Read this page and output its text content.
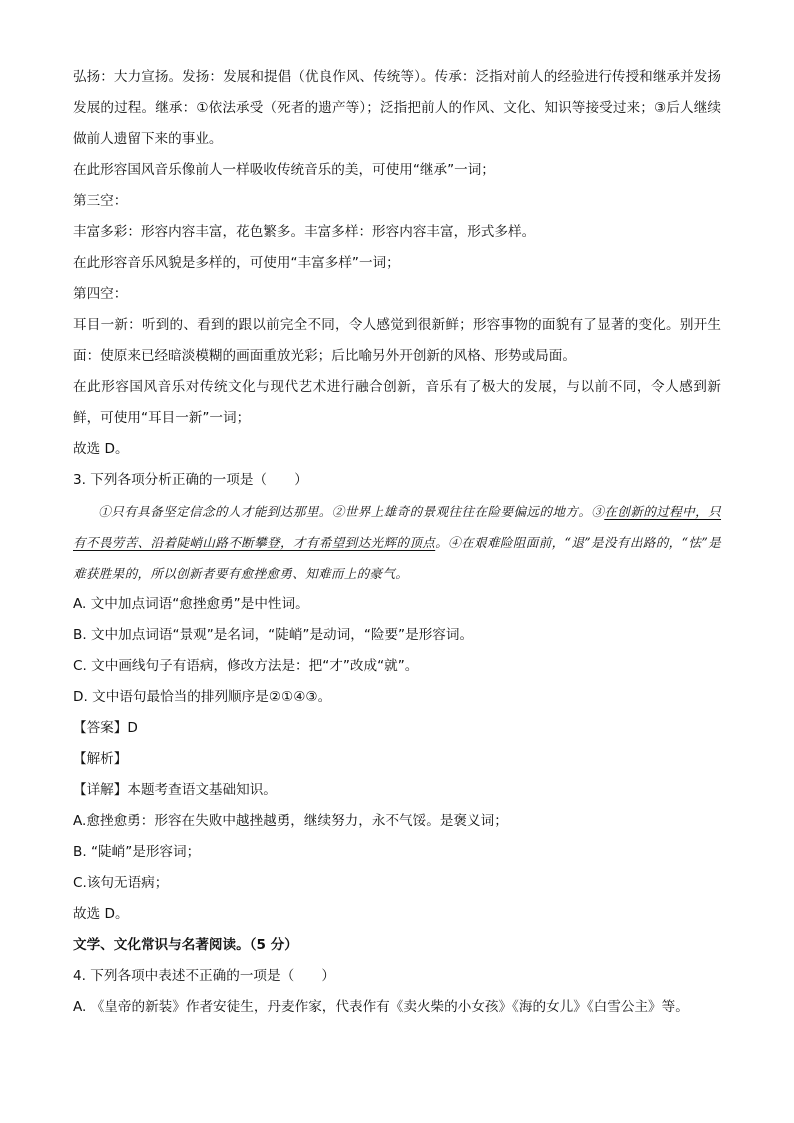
弘扬：大力宣扬。发扬：发展和提倡（优良作风、传统等）。传承：泛指对前人的经验进行传授和继承并发扬发展的过程。继承：①依法承受（死者的遗产等）；泛指把前人的作风、文化、知识等接受过来；③后人继续做前人遗留下来的事业。

在此形容国风音乐像前人一样吸收传统音乐的美，可使用“继承”一词；

第三空：

丰富多彩：形容内容丰富，花色繁多。丰富多样：形容内容丰富，形式多样。

在此形容音乐风貌是多样的，可使用“丰富多样”一词；

第四空：

耳目一新：听到的、看到的跟以前完全不同，令人感觉到很新鲜；形容事物的面貌有了显著的变化。别开生面：使原来已经暗淡模糊的画面重放光彩；后比喻另外开创新的风格、形势或局面。

在此形容国风音乐对传统文化与现代艺术进行融合创新，音乐有了极大的发展，与以前不同，令人感到新鲜，可使用“耳目一新”一词；

故选 D。

3. 下列各项分析正确的一项是（　　）

①只有具备坚定信念的人才能到达那里。②世界上雄奇的景观往往在险要偏远的地方。③在创新的过程中，只有不畏劳苦、沿着陡峭山路不断攀登，才有希望到达光辉的顶点。④在艰难险阻面前，“退”是没有出路的，“怯”是难获胜果的，所以创新者要有愈挫愈勇、知难而上的豪气。

A. 文中加点词语“愈挫愈勇”是中性词。

B. 文中加点词语“景观”是名词，“陡峭”是动词，“险要”是形容词。

C. 文中画线句子有语病，修改方法是：把“才”改成“就”。

D. 文中语句最恰当的排列顺序是②①④③。

【答案】D

【解析】

【详解】本题考查语文基础知识。

A.愈挫愈勇：形容在失败中越挫越勇，继续努力，永不气馁。是褒义词；

B. “陡峭”是形容词；

C.该句无语病；

故选 D。

文学、文化常识与名著阅读。（5 分）

4. 下列各项中表述不正确的一项是（　　）

A. 《皇帝的新装》作者安徒生，丹麦作家，代表作有《卖火柴的小女孩》《海的女儿》《白雪公主》等。
